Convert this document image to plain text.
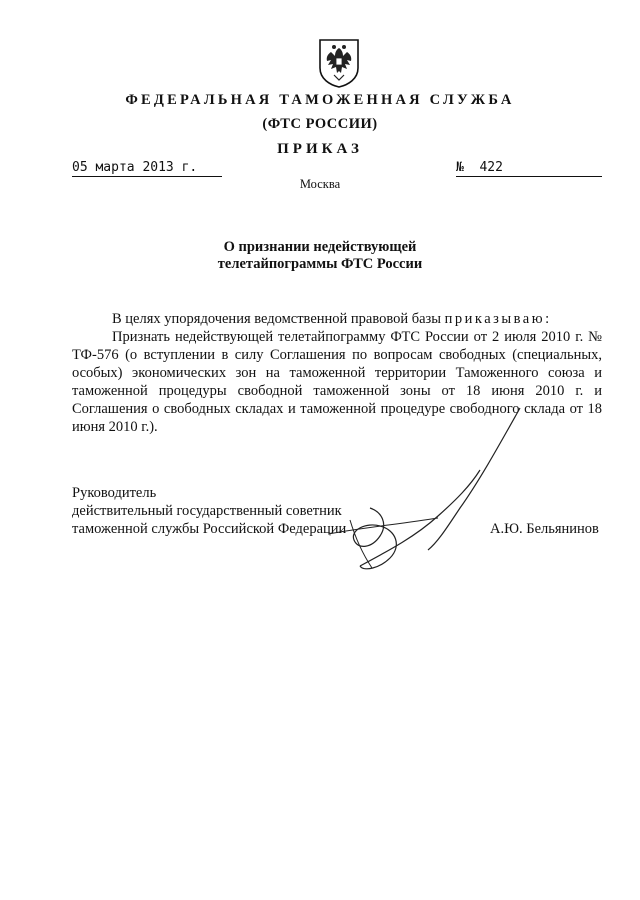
ФЕДЕРАЛЬНАЯ ТАМОЖЕННАЯ СЛУЖБА
(ФТС РОССИИ)
ПРИКАЗ
05 марта 2013 г.	№ 422
Москва
О признании недействующей
телетайпограммы ФТС России

В целях упорядочения ведомственной правовой базы приказываю:

Признать недействующей телетайпограмму ФТС России от 2 июля 2010 г. № ТФ-576 (о вступлении в силу Соглашения по вопросам свободных (специальных, особых) экономических зон на таможенной территории Таможенного союза и таможенной процедуры свободной таможенной зоны от 18 июня 2010 г. и Соглашения о свободных складах и таможенной процедуре свободного склада от 18 июня 2010 г.).

Руководитель
действительный государственный советник
таможенной службы Российской Федерации	А.Ю. Бельянинов
